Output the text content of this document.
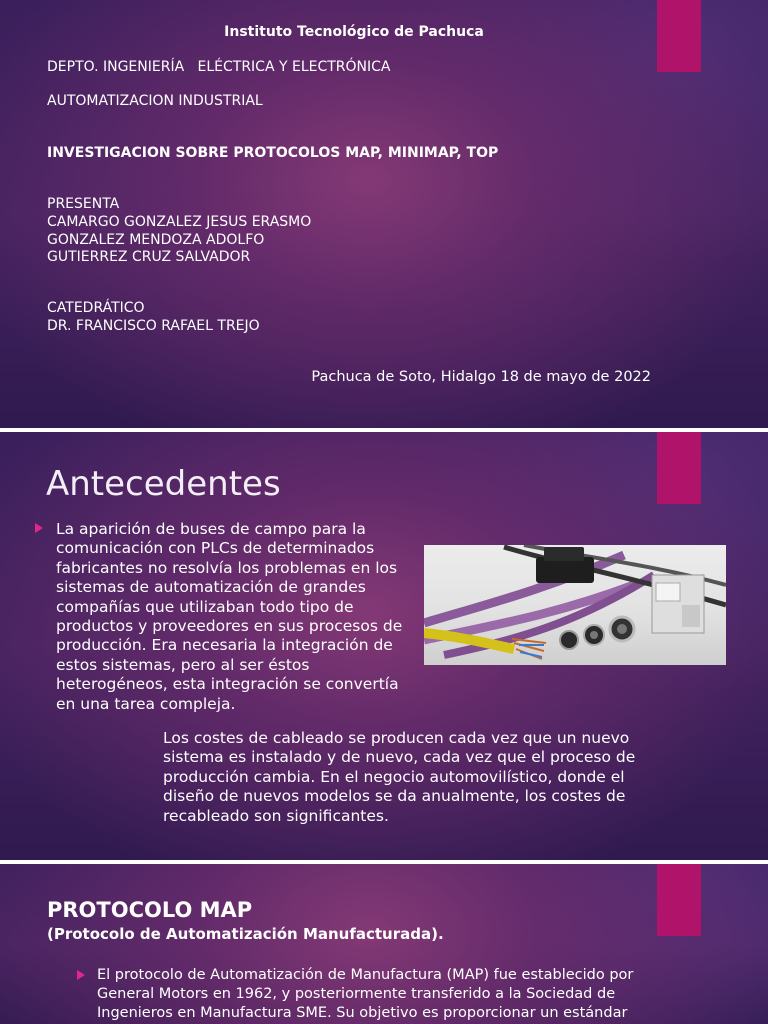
Instituto Tecnológico de Pachuca

DEPTO. INGENIERÍA   ELÉCTRICA Y ELECTRÓNICA

AUTOMATIZACION INDUSTRIAL

INVESTIGACION SOBRE PROTOCOLOS MAP, MINIMAP, TOP

PRESENTA

CAMARGO GONZALEZ JESUS ERASMO

GONZALEZ MENDOZA ADOLFO

GUTIERREZ CRUZ SALVADOR

CATEDRÁTICO

DR. FRANCISCO RAFAEL TREJO

Pachuca de Soto, Hidalgo 18 de mayo de 2022

Antecedentes

La aparición de buses de campo para la

comunicación con PLCs de determinados

fabricantes no resolvía los problemas en los

sistemas de automatización de grandes

compañías que utilizaban todo tipo de

productos y proveedores en sus procesos de

producción. Era necesaria la integración de

estos sistemas, pero al ser éstos

heterogéneos, esta integración se convertía

en una tarea compleja.

Los costes de cableado se producen cada vez que un nuevo

sistema es instalado y de nuevo, cada vez que el proceso de

producción cambia. En el negocio automovilístico, donde el

diseño de nuevos modelos se da anualmente, los costes de

recableado son significantes.

PROTOCOLO MAP

(Protocolo de Automatización Manufacturada).

El protocolo de Automatización de Manufactura (MAP) fue establecido por

General Motors en 1962, y posteriormente transferido a la Sociedad de

Ingenieros en Manufactura SME. Su objetivo es proporcionar un estándar
